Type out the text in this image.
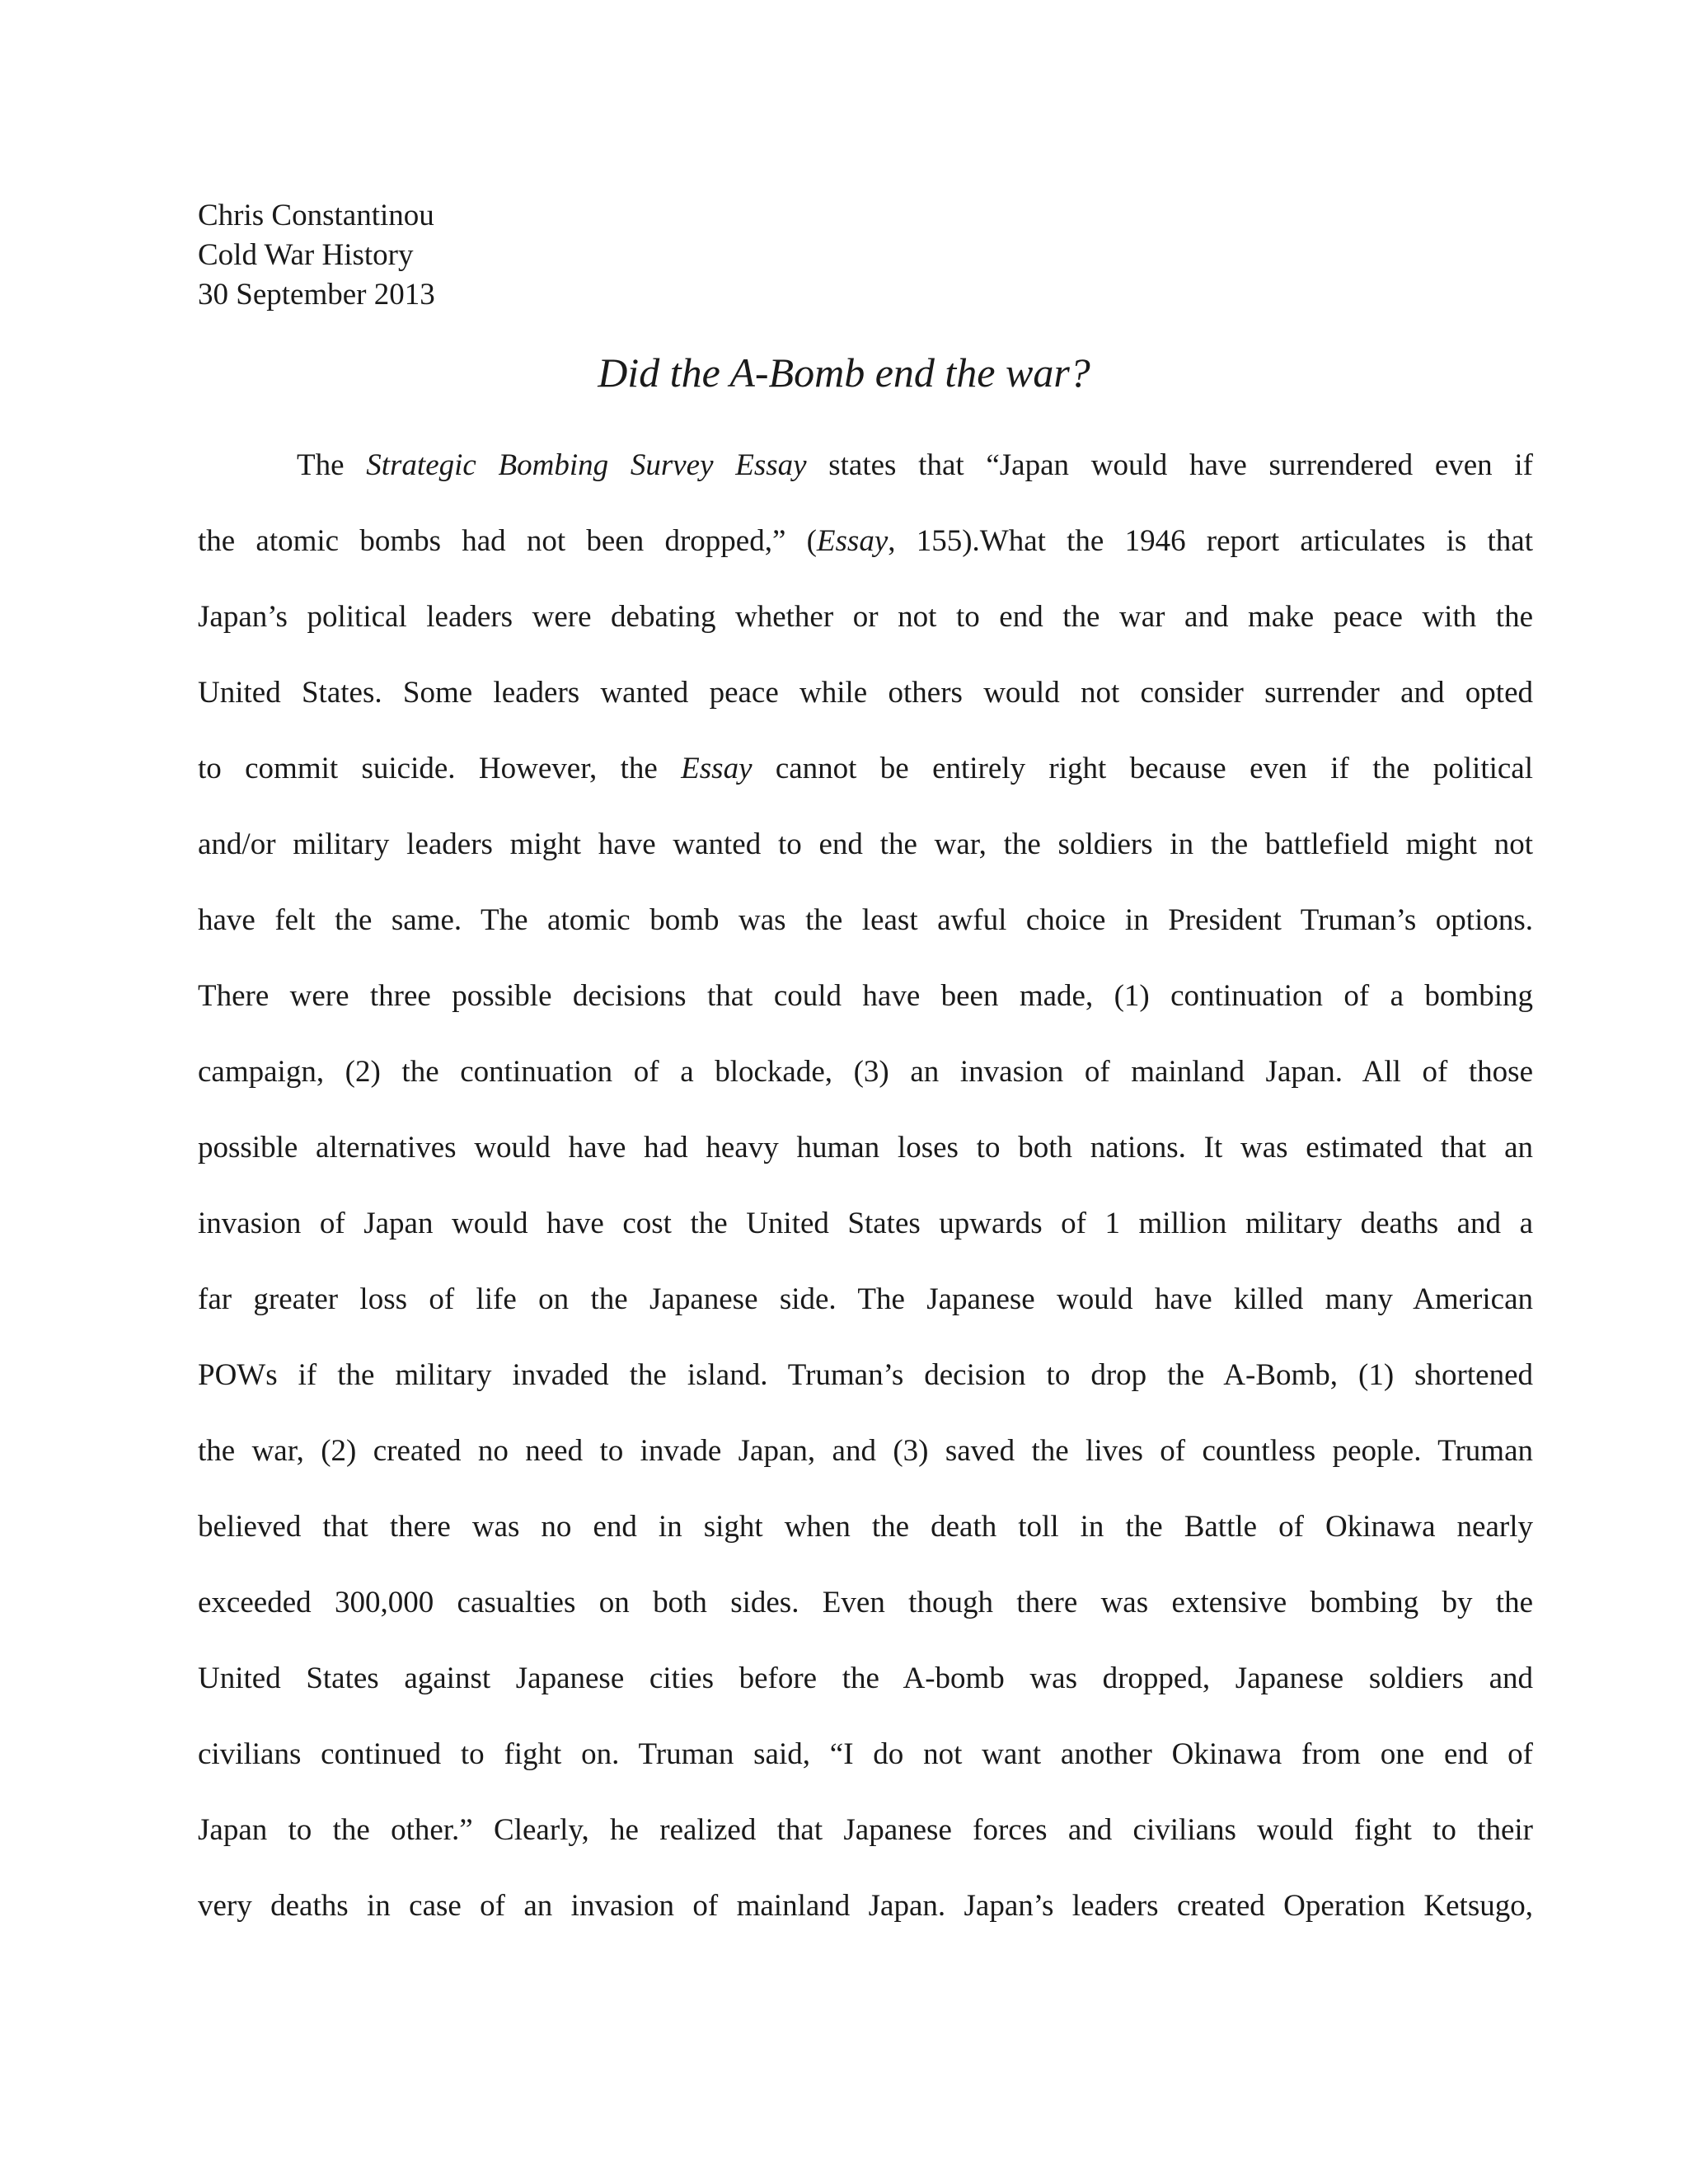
Chris Constantinou
Cold War History
30 September 2013
Did the A-Bomb end the war?
The Strategic Bombing Survey Essay states that “Japan would have surrendered even if
the atomic bombs had not been dropped,” (Essay, 155).What the 1946 report articulates is that
Japan’s political leaders were debating whether or not to end the war and make peace with the
United States. Some leaders wanted peace while others would not consider surrender and opted
to commit suicide. However, the Essay cannot be entirely right because even if the political
and/or military leaders might have wanted to end the war, the soldiers in the battlefield might not
have felt the same. The atomic bomb was the least awful choice in President Truman’s options.
There were three possible decisions that could have been made, (1) continuation of a bombing
campaign, (2) the continuation of a blockade, (3) an invasion of mainland Japan. All of those
possible alternatives would have had heavy human loses to both nations. It was estimated that an
invasion of Japan would have cost the United States upwards of 1 million military deaths and a
far greater loss of life on the Japanese side. The Japanese would have killed many American
POWs if the military invaded the island. Truman’s decision to drop the A-Bomb, (1) shortened
the war, (2) created no need to invade Japan, and (3) saved the lives of countless people. Truman
believed that there was no end in sight when the death toll in the Battle of Okinawa nearly
exceeded 300,000 casualties on both sides. Even though there was extensive bombing by the
United States against Japanese cities before the A-bomb was dropped, Japanese soldiers and
civilians continued to fight on. Truman said, “I do not want another Okinawa from one end of
Japan to the other.” Clearly, he realized that Japanese forces and civilians would fight to their
very deaths in case of an invasion of mainland Japan. Japan’s leaders created Operation Ketsugo,
